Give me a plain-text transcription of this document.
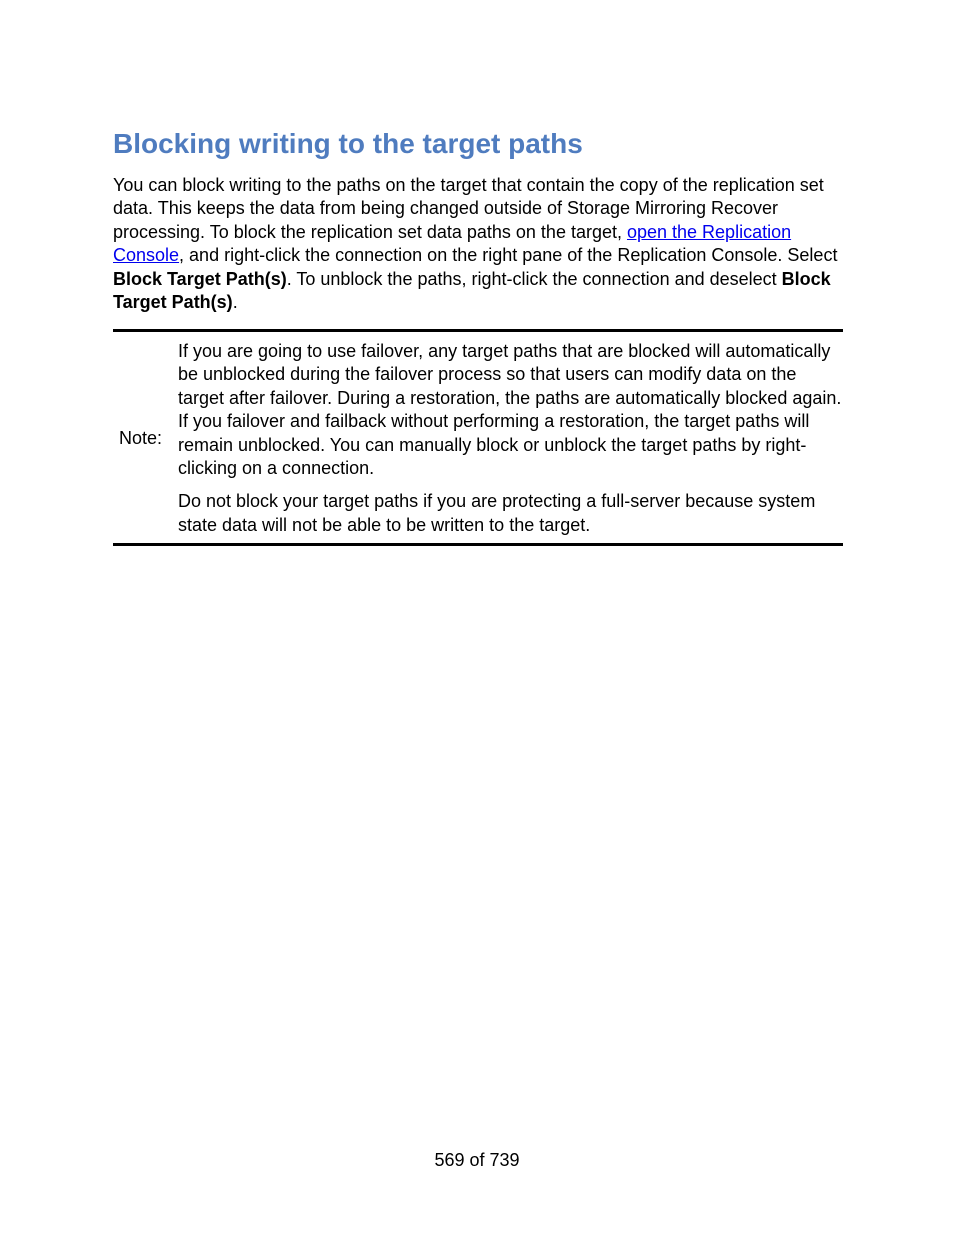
Blocking writing to the target paths

You can block writing to the paths on the target that contain the copy of the replication set data. This keeps the data from being changed outside of Storage Mirroring Recover processing. To block the replication set data paths on the target, open the Replication Console, and right-click the connection on the right pane of the Replication Console. Select Block Target Path(s). To unblock the paths, right-click the connection and deselect Block Target Path(s).

Note:

If you are going to use failover, any target paths that are blocked will automatically be unblocked during the failover process so that users can modify data on the target after failover. During a restoration, the paths are automatically blocked again. If you failover and failback without performing a restoration, the target paths will remain unblocked. You can manually block or unblock the target paths by right-clicking on a connection.

Do not block your target paths if you are protecting a full-server because system state data will not be able to be written to the target.

569 of 739
